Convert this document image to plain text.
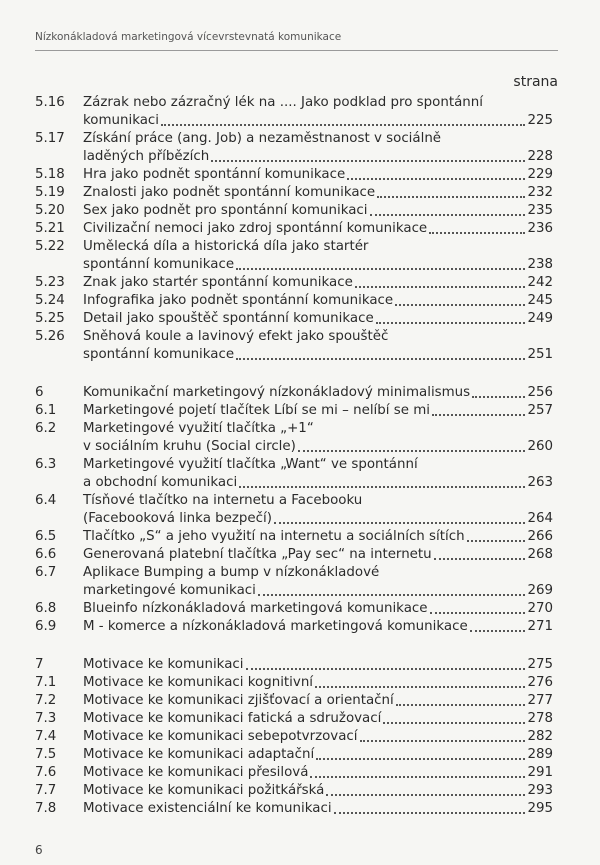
Nízkonákladová marketingová vícevrstevnatá komunikace
strana
5.16	Zázrak nebo zázračný lék na .... Jako podklad pro spontánní
komunikaci	225
5.17	Získání práce (ang. Job) a nezaměstnanost v sociálně
laděných příbězích	228
5.18	Hra jako podnět spontánní komunikace	229
5.19	Znalosti jako podnět spontánní komunikace	232
5.20	Sex jako podnět pro spontánní komunikaci	235
5.21	Civilizační nemoci jako zdroj spontánní komunikace	236
5.22	Umělecká díla a historická díla jako startér
spontánní komunikace	238
5.23	Znak jako startér spontánní komunikace	242
5.24	Infografika jako podnět spontánní komunikace	245
5.25	Detail jako spouštěč spontánní komunikace	249
5.26	Sněhová koule a lavinový efekt jako spouštěč
spontánní komunikace	251
6	Komunikační marketingový nízkonákladový minimalismus	256
6.1	Marketingové pojetí tlačítek Líbí se mi – nelíbí se mi	257
6.2	Marketingové využití tlačítka „+1“
v sociálním kruhu (Social circle)	260
6.3	Marketingové využití tlačítka „Want“ ve spontánní
a obchodní komunikaci	263
6.4	Tísňové tlačítko na internetu a Facebooku
(Facebooková linka bezpečí)	264
6.5	Tlačítko „S“ a jeho využití na internetu a sociálních sítích	266
6.6	Generovaná platební tlačítka „Pay sec“ na internetu	268
6.7	Aplikace Bumping a bump v nízkonákladové
marketingové komunikaci	269
6.8	Blueinfo nízkonákladová marketingová komunikace	270
6.9	M - komerce a nízkonákladová marketingová komunikace	271
7	Motivace ke komunikaci	275
7.1	Motivace ke komunikaci kognitivní	276
7.2	Motivace ke komunikaci zjišťovací a orientační	277
7.3	Motivace ke komunikaci fatická a sdružovací	278
7.4	Motivace ke komunikaci sebepotvrzovací	282
7.5	Motivace ke komunikaci adaptační	289
7.6	Motivace ke komunikaci přesilová	291
7.7	Motivace ke komunikaci požitkářská	293
7.8	Motivace existenciální ke komunikaci	295
6
